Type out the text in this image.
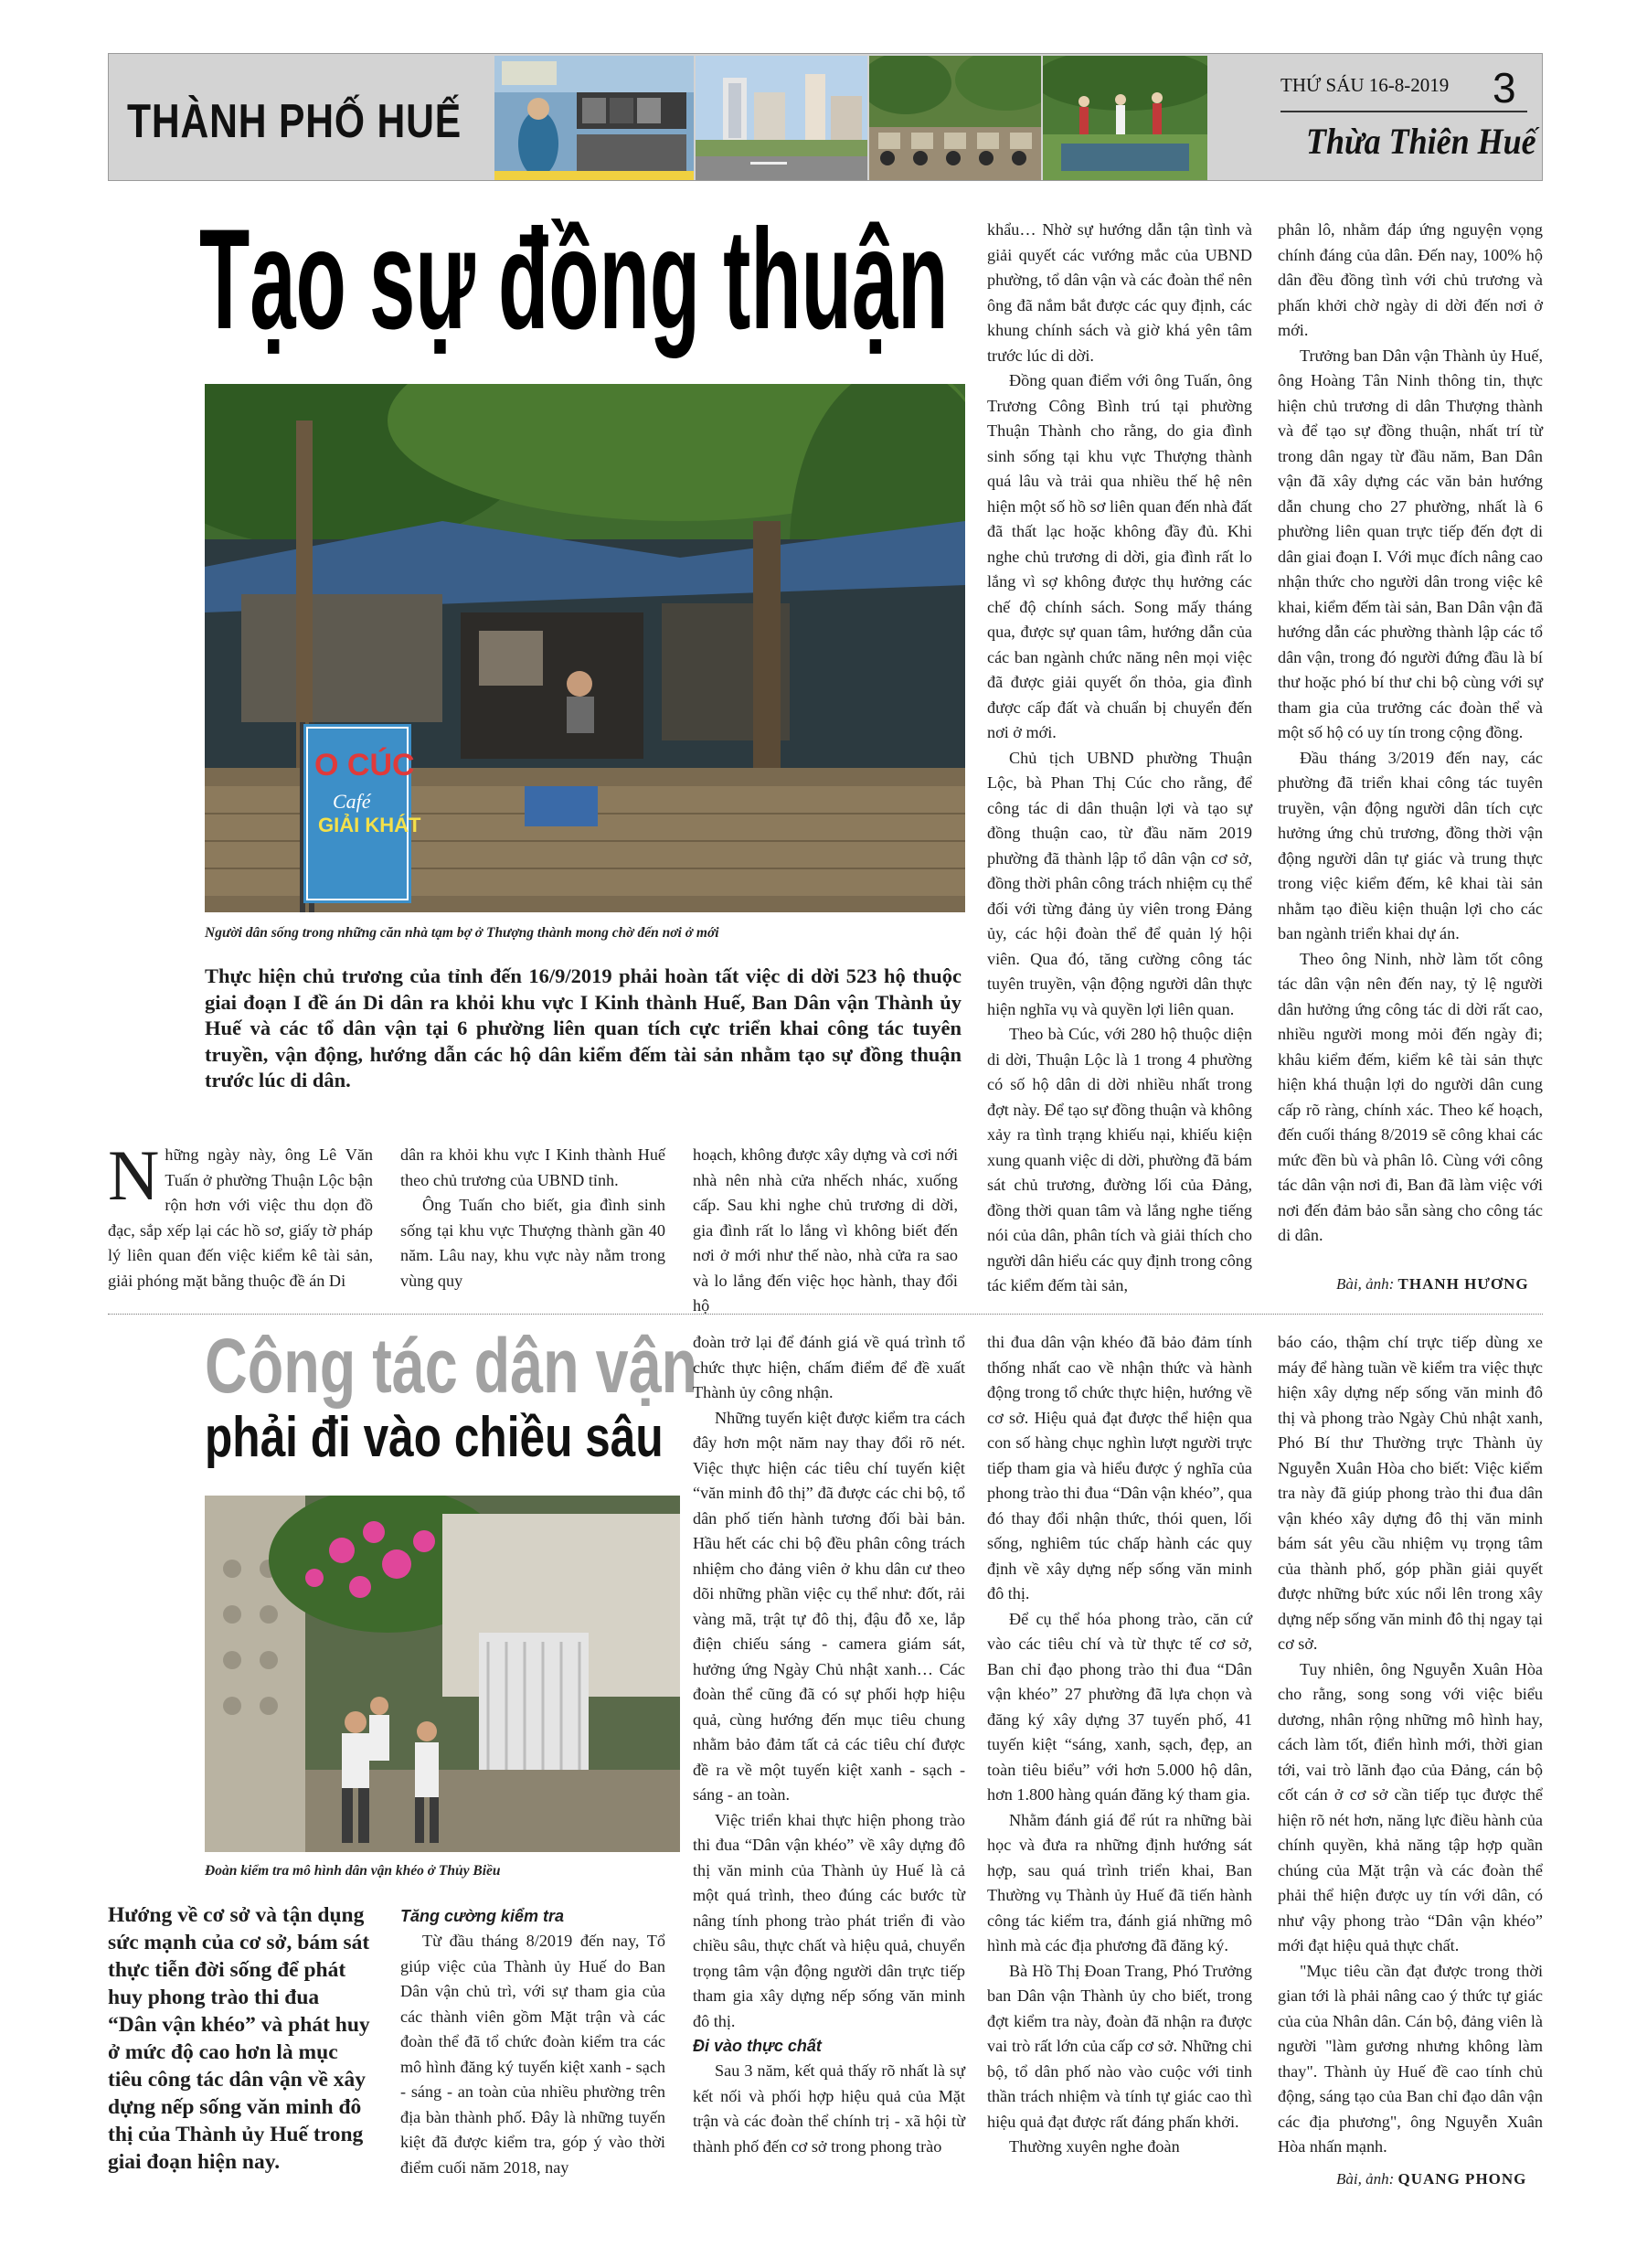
THÀNH PHỐ HUẾ
THỨ SÁU 16-8-2019 3
Thừa Thiên Huế
Tạo sự đồng thuận
O CÚC
Café
GIẢI KHÁT
Người dân sống trong những căn nhà tạm bợ ở Thượng thành mong chờ đến nơi ở mới
Thực hiện chủ trương của tỉnh đến 16/9/2019 phải hoàn tất việc di dời 523 hộ thuộc giai đoạn I đề án Di dân ra khỏi khu vực I Kinh thành Huế, Ban Dân vận Thành ủy Huế và các tổ dân vận tại 6 phường liên quan tích cực triển khai công tác tuyên truyền, vận động, hướng dẫn các hộ dân kiểm đếm tài sản nhằm tạo sự đồng thuận trước lúc di dân.

Những ngày này, ông Lê Văn Tuấn ở phường Thuận Lộc bận rộn hơn với việc thu dọn đồ đạc, sắp xếp lại các hồ sơ, giấy tờ pháp lý liên quan đến việc kiểm kê tài sản, giải phóng mặt bằng thuộc đề án Di

dân ra khỏi khu vực I Kinh thành Huế theo chủ trương của UBND tỉnh.

Ông Tuấn cho biết, gia đình sinh sống tại khu vực Thượng thành gần 40 năm. Lâu nay, khu vực này nằm trong vùng quy

hoạch, không được xây dựng và cơi nới nhà nên nhà cửa nhếch nhác, xuống cấp. Sau khi nghe chủ trương di dời, gia đình rất lo lắng vì không biết đến nơi ở mới như thế nào, nhà cửa ra sao và lo lắng đến việc học hành, thay đổi hộ

khẩu… Nhờ sự hướng dẫn tận tình và giải quyết các vướng mắc của UBND phường, tổ dân vận và các đoàn thể nên ông đã nắm bắt được các quy định, các khung chính sách và giờ khá yên tâm trước lúc di dời.

Đồng quan điểm với ông Tuấn, ông Trương Công Bình trú tại phường Thuận Thành cho rằng, do gia đình sinh sống tại khu vực Thượng thành quá lâu và trải qua nhiều thế hệ nên hiện một số hồ sơ liên quan đến nhà đất đã thất lạc hoặc không đầy đủ. Khi nghe chủ trương di dời, gia đình rất lo lắng vì sợ không được thụ hưởng các chế độ chính sách. Song mấy tháng qua, được sự quan tâm, hướng dẫn của các ban ngành chức năng nên mọi việc đã được giải quyết ổn thỏa, gia đình được cấp đất và chuẩn bị chuyển đến nơi ở mới.

Chủ tịch UBND phường Thuận Lộc, bà Phan Thị Cúc cho rằng, để công tác di dân thuận lợi và tạo sự đồng thuận cao, từ đầu năm 2019 phường đã thành lập tổ dân vận cơ sở, đồng thời phân công trách nhiệm cụ thể đối với từng đảng ủy viên trong Đảng ủy, các hội đoàn thể để quản lý hội viên. Qua đó, tăng cường công tác tuyên truyền, vận động người dân thực hiện nghĩa vụ và quyền lợi liên quan.

Theo bà Cúc, với 280 hộ thuộc diện di dời, Thuận Lộc là 1 trong 4 phường có số hộ dân di dời nhiều nhất trong đợt này. Để tạo sự đồng thuận và không xảy ra tình trạng khiếu nại, khiếu kiện xung quanh việc di dời, phường đã bám sát chủ trương, đường lối của Đảng, đồng thời quan tâm và lắng nghe tiếng nói của dân, phân tích và giải thích cho người dân hiểu các quy định trong công tác kiểm đếm tài sản,

phân lô, nhằm đáp ứng nguyện vọng chính đáng của dân. Đến nay, 100% hộ dân đều đồng tình với chủ trương và phấn khởi chờ ngày di dời đến nơi ở mới.

Trưởng ban Dân vận Thành ủy Huế, ông Hoàng Tân Ninh thông tin, thực hiện chủ trương di dân Thượng thành và để tạo sự đồng thuận, nhất trí từ trong dân ngay từ đầu năm, Ban Dân vận đã xây dựng các văn bản hướng dẫn chung cho 27 phường, nhất là 6 phường liên quan trực tiếp đến đợt di dân giai đoạn I. Với mục đích nâng cao nhận thức cho người dân trong việc kê khai, kiểm đếm tài sản, Ban Dân vận đã hướng dẫn các phường thành lập các tổ dân vận, trong đó người đứng đầu là bí thư hoặc phó bí thư chi bộ cùng với sự tham gia của trưởng các đoàn thể và một số hộ có uy tín trong cộng đồng.

Đầu tháng 3/2019 đến nay, các phường đã triển khai công tác tuyên truyền, vận động người dân tích cực hưởng ứng chủ trương, đồng thời vận động người dân tự giác và trung thực trong việc kiểm đếm, kê khai tài sản nhằm tạo điều kiện thuận lợi cho các ban ngành triển khai dự án.

Theo ông Ninh, nhờ làm tốt công tác dân vận nên đến nay, tỷ lệ người dân hưởng ứng công tác di dời rất cao, nhiều người mong mỏi đến ngày đi; khâu kiểm đếm, kiểm kê tài sản thực hiện khá thuận lợi do người dân cung cấp rõ ràng, chính xác. Theo kế hoạch, đến cuối tháng 8/2019 sẽ công khai các mức đền bù và phân lô. Cùng với công tác dân vận nơi đi, Ban đã làm việc với nơi đến đảm bảo sẵn sàng cho công tác di dân.

Bài, ảnh: THANH HƯƠNG
Công tác dân vận
phải đi vào chiều sâu
Đoàn kiểm tra mô hình dân vận khéo ở Thủy Biều
Hướng về cơ sở và tận dụng sức mạnh của cơ sở, bám sát thực tiễn đời sống để phát huy phong trào thi đua “Dân vận khéo” và phát huy ở mức độ cao hơn là mục tiêu công tác dân vận về xây dựng nếp sống văn minh đô thị của Thành ủy Huế trong giai đoạn hiện nay.
Tăng cường kiểm tra

Từ đầu tháng 8/2019 đến nay, Tổ giúp việc của Thành ủy Huế do Ban Dân vận chủ trì, với sự tham gia của các thành viên gồm Mặt trận và các đoàn thể đã tổ chức đoàn kiểm tra các mô hình đăng ký tuyến kiệt xanh - sạch - sáng - an toàn của nhiều phường trên địa bàn thành phố. Đây là những tuyến kiệt đã được kiểm tra, góp ý vào thời điểm cuối năm 2018, nay

đoàn trở lại để đánh giá về quá trình tổ chức thực hiện, chấm điểm để đề xuất Thành ủy công nhận.

Những tuyến kiệt được kiểm tra cách đây hơn một năm nay thay đổi rõ nét. Việc thực hiện các tiêu chí tuyến kiệt “văn minh đô thị” đã được các chi bộ, tổ dân phố tiến hành tương đối bài bản. Hầu hết các chi bộ đều phân công trách nhiệm cho đảng viên ở khu dân cư theo dõi những phần việc cụ thể như: đốt, rải vàng mã, trật tự đô thị, đậu đỗ xe, lắp điện chiếu sáng - camera giám sát, hưởng ứng Ngày Chủ nhật xanh… Các đoàn thể cũng đã có sự phối hợp hiệu quả, cùng hướng đến mục tiêu chung nhằm bảo đảm tất cả các tiêu chí được đề ra về một tuyến kiệt xanh - sạch - sáng - an toàn.

Việc triển khai thực hiện phong trào thi đua “Dân vận khéo” về xây dựng đô thị văn minh của Thành ủy Huế là cả một quá trình, theo đúng các bước từ nâng tính phong trào phát triển đi vào chiều sâu, thực chất và hiệu quả, chuyển trọng tâm vận động người dân trực tiếp tham gia xây dựng nếp sống văn minh đô thị.

Đi vào thực chất

Sau 3 năm, kết quả thấy rõ nhất là sự kết nối và phối hợp hiệu quả của Mặt trận và các đoàn thể chính trị - xã hội từ thành phố đến cơ sở trong phong trào

thi đua dân vận khéo đã bảo đảm tính thống nhất cao về nhận thức và hành động trong tổ chức thực hiện, hướng về cơ sở. Hiệu quả đạt được thể hiện qua con số hàng chục nghìn lượt người trực tiếp tham gia và hiểu được ý nghĩa của phong trào thi đua “Dân vận khéo”, qua đó thay đổi nhận thức, thói quen, lối sống, nghiêm túc chấp hành các quy định về xây dựng nếp sống văn minh đô thị.

Để cụ thể hóa phong trào, căn cứ vào các tiêu chí và từ thực tế cơ sở, Ban chỉ đạo phong trào thi đua “Dân vận khéo” 27 phường đã lựa chọn và đăng ký xây dựng 37 tuyến phố, 41 tuyến kiệt “sáng, xanh, sạch, đẹp, an toàn tiêu biểu” với hơn 5.000 hộ dân, hơn 1.800 hàng quán đăng ký tham gia.

Nhằm đánh giá để rút ra những bài học và đưa ra những định hướng sát hợp, sau quá trình triển khai, Ban Thường vụ Thành ủy Huế đã tiến hành công tác kiểm tra, đánh giá những mô hình mà các địa phương đã đăng ký.

Bà Hồ Thị Đoan Trang, Phó Trưởng ban Dân vận Thành ủy cho biết, trong đợt kiểm tra này, đoàn đã nhận ra được vai trò rất lớn của cấp cơ sở. Những chi bộ, tổ dân phố nào vào cuộc với tinh thần trách nhiệm và tính tự giác cao thì hiệu quả đạt được rất đáng phấn khởi.

Thường xuyên nghe đoàn

báo cáo, thậm chí trực tiếp dùng xe máy để hàng tuần về kiểm tra việc thực hiện xây dựng nếp sống văn minh đô thị và phong trào Ngày Chủ nhật xanh, Phó Bí thư Thường trực Thành ủy Nguyễn Xuân Hòa cho biết: Việc kiểm tra này đã giúp phong trào thi đua dân vận khéo xây dựng đô thị văn minh bám sát yêu cầu nhiệm vụ trọng tâm của thành phố, góp phần giải quyết được những bức xúc nổi lên trong xây dựng nếp sống văn minh đô thị ngay tại cơ sở.

Tuy nhiên, ông Nguyễn Xuân Hòa cho rằng, song song với việc biểu dương, nhân rộng những mô hình hay, cách làm tốt, điển hình mới, thời gian tới, vai trò lãnh đạo của Đảng, cán bộ cốt cán ở cơ sở cần tiếp tục được thể hiện rõ nét hơn, năng lực điều hành của chính quyền, khả năng tập hợp quần chúng của Mặt trận và các đoàn thể phải thể hiện được uy tín với dân, có như vậy phong trào “Dân vận khéo” mới đạt hiệu quả thực chất.

"Mục tiêu cần đạt được trong thời gian tới là phải nâng cao ý thức tự giác của của Nhân dân. Cán bộ, đảng viên là người "làm gương nhưng không làm thay". Thành ủy Huế đề cao tính chủ động, sáng tạo của Ban chỉ đạo dân vận các địa phương", ông Nguyễn Xuân Hòa nhấn mạnh.

Bài, ảnh: QUANG PHONG
